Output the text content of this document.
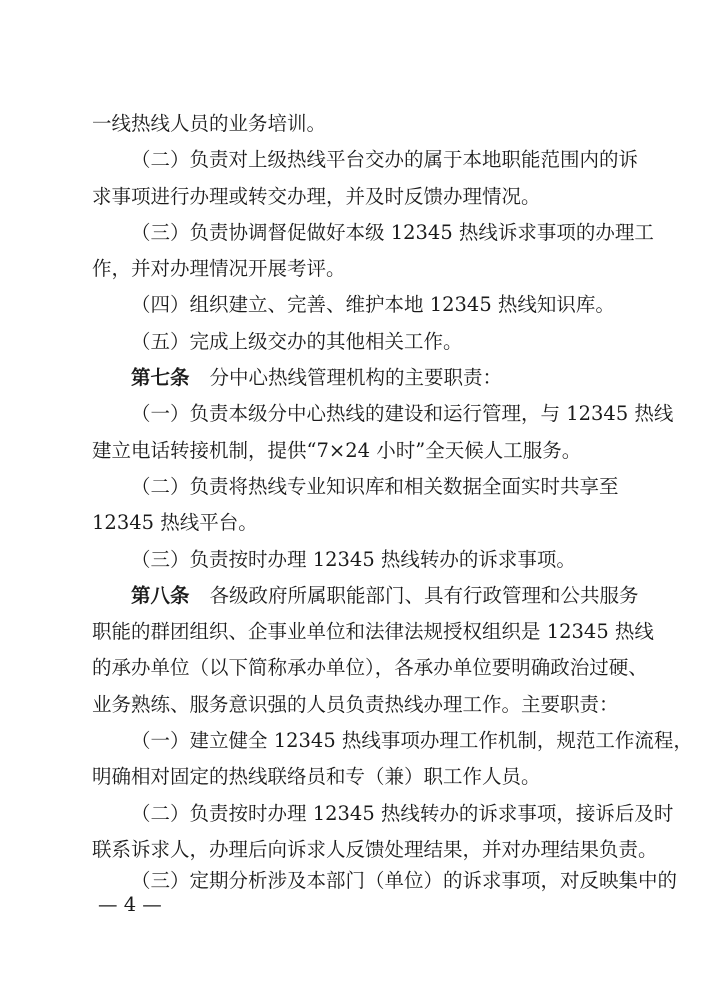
一线热线人员的业务培训。
（二）负责对上级热线平台交办的属于本地职能范围内的诉
求事项进行办理或转交办理，并及时反馈办理情况。
（三）负责协调督促做好本级 12345 热线诉求事项的办理工
作，并对办理情况开展考评。
（四）组织建立、完善、维护本地 12345 热线知识库。
（五）完成上级交办的其他相关工作。
第七条 分中心热线管理机构的主要职责：
（一）负责本级分中心热线的建设和运行管理，与 12345 热线
建立电话转接机制，提供“7×24 小时”全天候人工服务。
（二）负责将热线专业知识库和相关数据全面实时共享至
12345 热线平台。
（三）负责按时办理 12345 热线转办的诉求事项。
第八条 各级政府所属职能部门、具有行政管理和公共服务
职能的群团组织、企事业单位和法律法规授权组织是 12345 热线
的承办单位（以下简称承办单位），各承办单位要明确政治过硬、
业务熟练、服务意识强的人员负责热线办理工作。主要职责：
（一）建立健全 12345 热线事项办理工作机制，规范工作流程，
明确相对固定的热线联络员和专（兼）职工作人员。
（二）负责按时办理 12345 热线转办的诉求事项，接诉后及时
联系诉求人，办理后向诉求人反馈处理结果，并对办理结果负责。
（三）定期分析涉及本部门（单位）的诉求事项，对反映集中的
— 4 —
